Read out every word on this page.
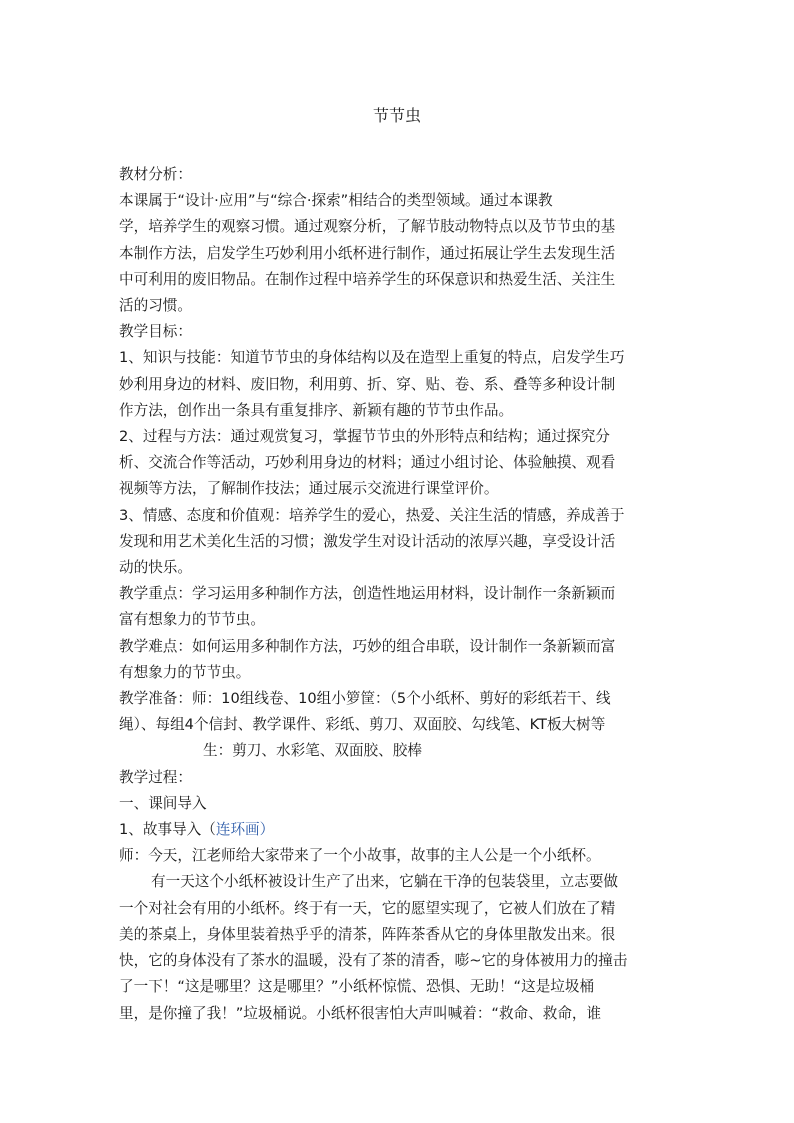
节节虫

教材分析：

本课属于“设计·应用”与“综合·探索”相结合的类型领域。通过本课教

学，培养学生的观察习惯。通过观察分析，了解节肢动物特点以及节节虫的基

本制作方法，启发学生巧妙利用小纸杯进行制作，通过拓展让学生去发现生活

中可利用的废旧物品。在制作过程中培养学生的环保意识和热爱生活、关注生

活的习惯。

教学目标：

1、知识与技能：知道节节虫的身体结构以及在造型上重复的特点，启发学生巧

妙利用身边的材料、废旧物，利用剪、折、穿、贴、卷、系、叠等多种设计制

作方法，创作出一条具有重复排序、新颖有趣的节节虫作品。

2、过程与方法：通过观赏复习，掌握节节虫的外形特点和结构；通过探究分

析、交流合作等活动，巧妙利用身边的材料；通过小组讨论、体验触摸、观看

视频等方法，了解制作技法；通过展示交流进行课堂评价。

3、情感、态度和价值观：培养学生的爱心，热爱、关注生活的情感，养成善于

发现和用艺术美化生活的习惯；激发学生对设计活动的浓厚兴趣，享受设计活

动的快乐。

教学重点：学习运用多种制作方法，创造性地运用材料，设计制作一条新颖而

富有想象力的节节虫。

教学难点：如何运用多种制作方法，巧妙的组合串联，设计制作一条新颖而富

有想象力的节节虫。

教学准备：师：10组线卷、10组小箩筐：（5个小纸杯、剪好的彩纸若干、线

绳）、每组4个信封、教学课件、彩纸、剪刀、双面胶、勾线笔、KT板大树等

生：剪刀、水彩笔、双面胶、胶棒

教学过程：

一、课间导入

1、故事导入（连环画）

师：今天，江老师给大家带来了一个小故事，故事的主人公是一个小纸杯。

有一天这个小纸杯被设计生产了出来，它躺在干净的包装袋里，立志要做

一个对社会有用的小纸杯。终于有一天，它的愿望实现了，它被人们放在了精

美的茶桌上，身体里装着热乎乎的清茶，阵阵茶香从它的身体里散发出来。很

快，它的身体没有了茶水的温暖，没有了茶的清香，嘭~它的身体被用力的撞击

了一下！“这是哪里？这是哪里？”小纸杯惊慌、恐惧、无助！“这是垃圾桶

里，是你撞了我！”垃圾桶说。小纸杯很害怕大声叫喊着：“救命、救命，谁
